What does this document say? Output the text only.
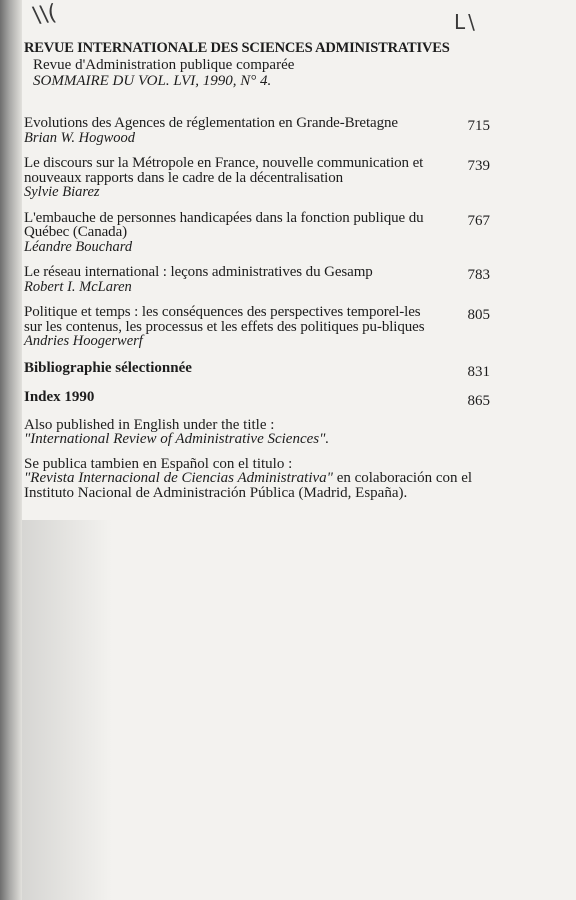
\\(	L\
REVUE INTERNATIONALE DES SCIENCES ADMINISTRATIVES
Revue d'Administration publique comparée
SOMMAIRE DU VOL. LVI, 1990, N° 4.
Evolutions des Agences de réglementation en Grande-Bretagne
Brian W. Hogwood
715
Le discours sur la Métropole en France, nouvelle communication et nouveaux rapports dans le cadre de la décentralisation
Sylvie Biarez
739
L'embauche de personnes handicapées dans la fonction publique du Québec (Canada)
Léandre Bouchard
767
Le réseau international : leçons administratives du Gesamp
Robert I. McLaren
783
Politique et temps : les conséquences des perspectives temporel-les sur les contenus, les processus et les effets des politiques pu-bliques
Andries Hoogerwerf
805
Bibliographie sélectionnée	831
Index 1990	865
Also published in English under the title :
"International Review of Administrative Sciences".
Se publica tambien en Español con el titulo :
"Revista Internacional de Ciencias Administrativa" en colaboración con el Instituto Nacional de Administración Pública (Madrid, España).
